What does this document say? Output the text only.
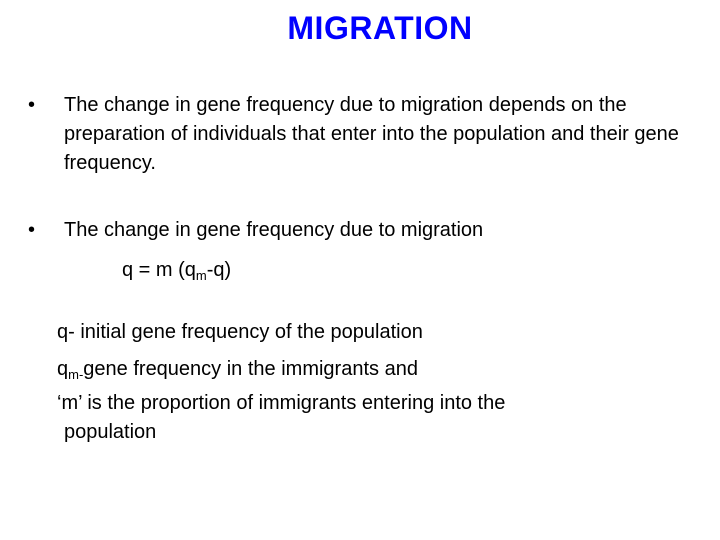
MIGRATION
• The change in gene frequency due to migration depends on the preparation of individuals that enter into the population and their gene frequency.
• The change in gene frequency due to migration
q = m $(q_m-q)$
q- initial gene frequency of the population
$q_{m-}gene$ frequency in the immigrants and
‘m’ is the proportion of immigrants entering into the
population
